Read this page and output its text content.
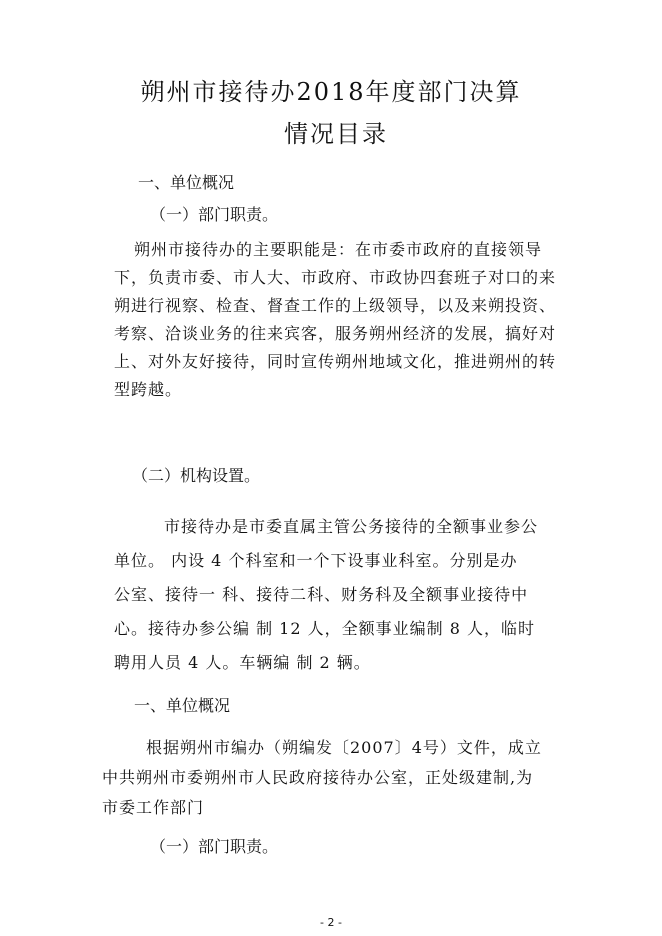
朔州市接待办2018年度部门决算
情况目录
一、单位概况
（一）部门职责。
朔州市接待办的主要职能是：在市委市政府的直接领导
下，负责市委、市人大、市政府、市政协四套班子对口的来
朔进行视察、检查、督查工作的上级领导，以及来朔投资、
考察、洽谈业务的往来宾客，服务朔州经济的发展，搞好对
上、对外友好接待，同时宣传朔州地域文化，推进朔州的转
型跨越。
（二）机构设置。
市接待办是市委直属主管公务接待的全额事业参公
单位。 内设 4 个科室和一个下设事业科室。分别是办
公室、接待一 科、接待二科、财务科及全额事业接待中
心。接待办参公编 制 12 人，全额事业编制 8 人，临时
聘用人员 4 人。车辆编 制 2 辆。
一、单位概况
根据朔州市编办（朔编发〔2007〕4号）文件，成立
中共朔州市委朔州市人民政府接待办公室，正处级建制,为
市委工作部门
（一）部门职责。
- 2 -
